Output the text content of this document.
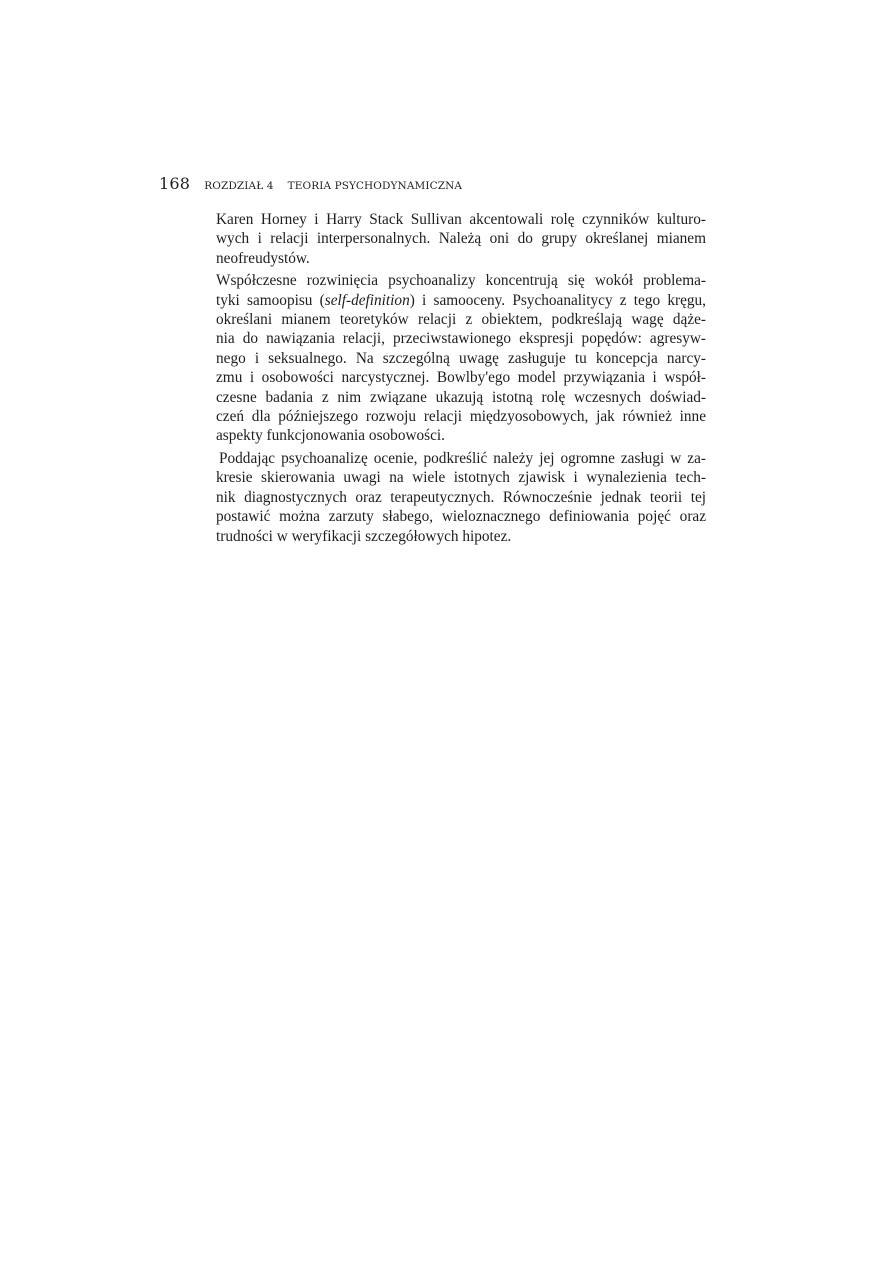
168 ROZDZIAŁ 4 TEORIA PSYCHODYNAMICZNA

Karen Horney i Harry Stack Sullivan akcentowali rolę czynników kulturo-
wych i relacji interpersonalnych. Należą oni do grupy określanej mianem
neofreudystów.

Współczesne rozwinięcia psychoanalizy koncentrują się wokół problema-
tyki samoopisu (self-definition) i samooceny. Psychoanalitycy z tego kręgu,
określani mianem teoretyków relacji z obiektem, podkreślają wagę dąże-
nia do nawiązania relacji, przeciwstawionego ekspresji popędów: agresyw-
nego i seksualnego. Na szczególną uwagę zasługuje tu koncepcja narcy-
zmu i osobowości narcystycznej. Bowlby'ego model przywiązania i współ-
czesne badania z nim związane ukazują istotną rolę wczesnych doświad-
czeń dla późniejszego rozwoju relacji międzyosobowych, jak również inne
aspekty funkcjonowania osobowości.

Poddając psychoanalizę ocenie, podkreślić należy jej ogromne zasługi w za-
kresie skierowania uwagi na wiele istotnych zjawisk i wynalezienia tech-
nik diagnostycznych oraz terapeutycznych. Równocześnie jednak teorii tej
postawić można zarzuty słabego, wieloznacznego definiowania pojęć oraz
trudności w weryfikacji szczegółowych hipotez.
